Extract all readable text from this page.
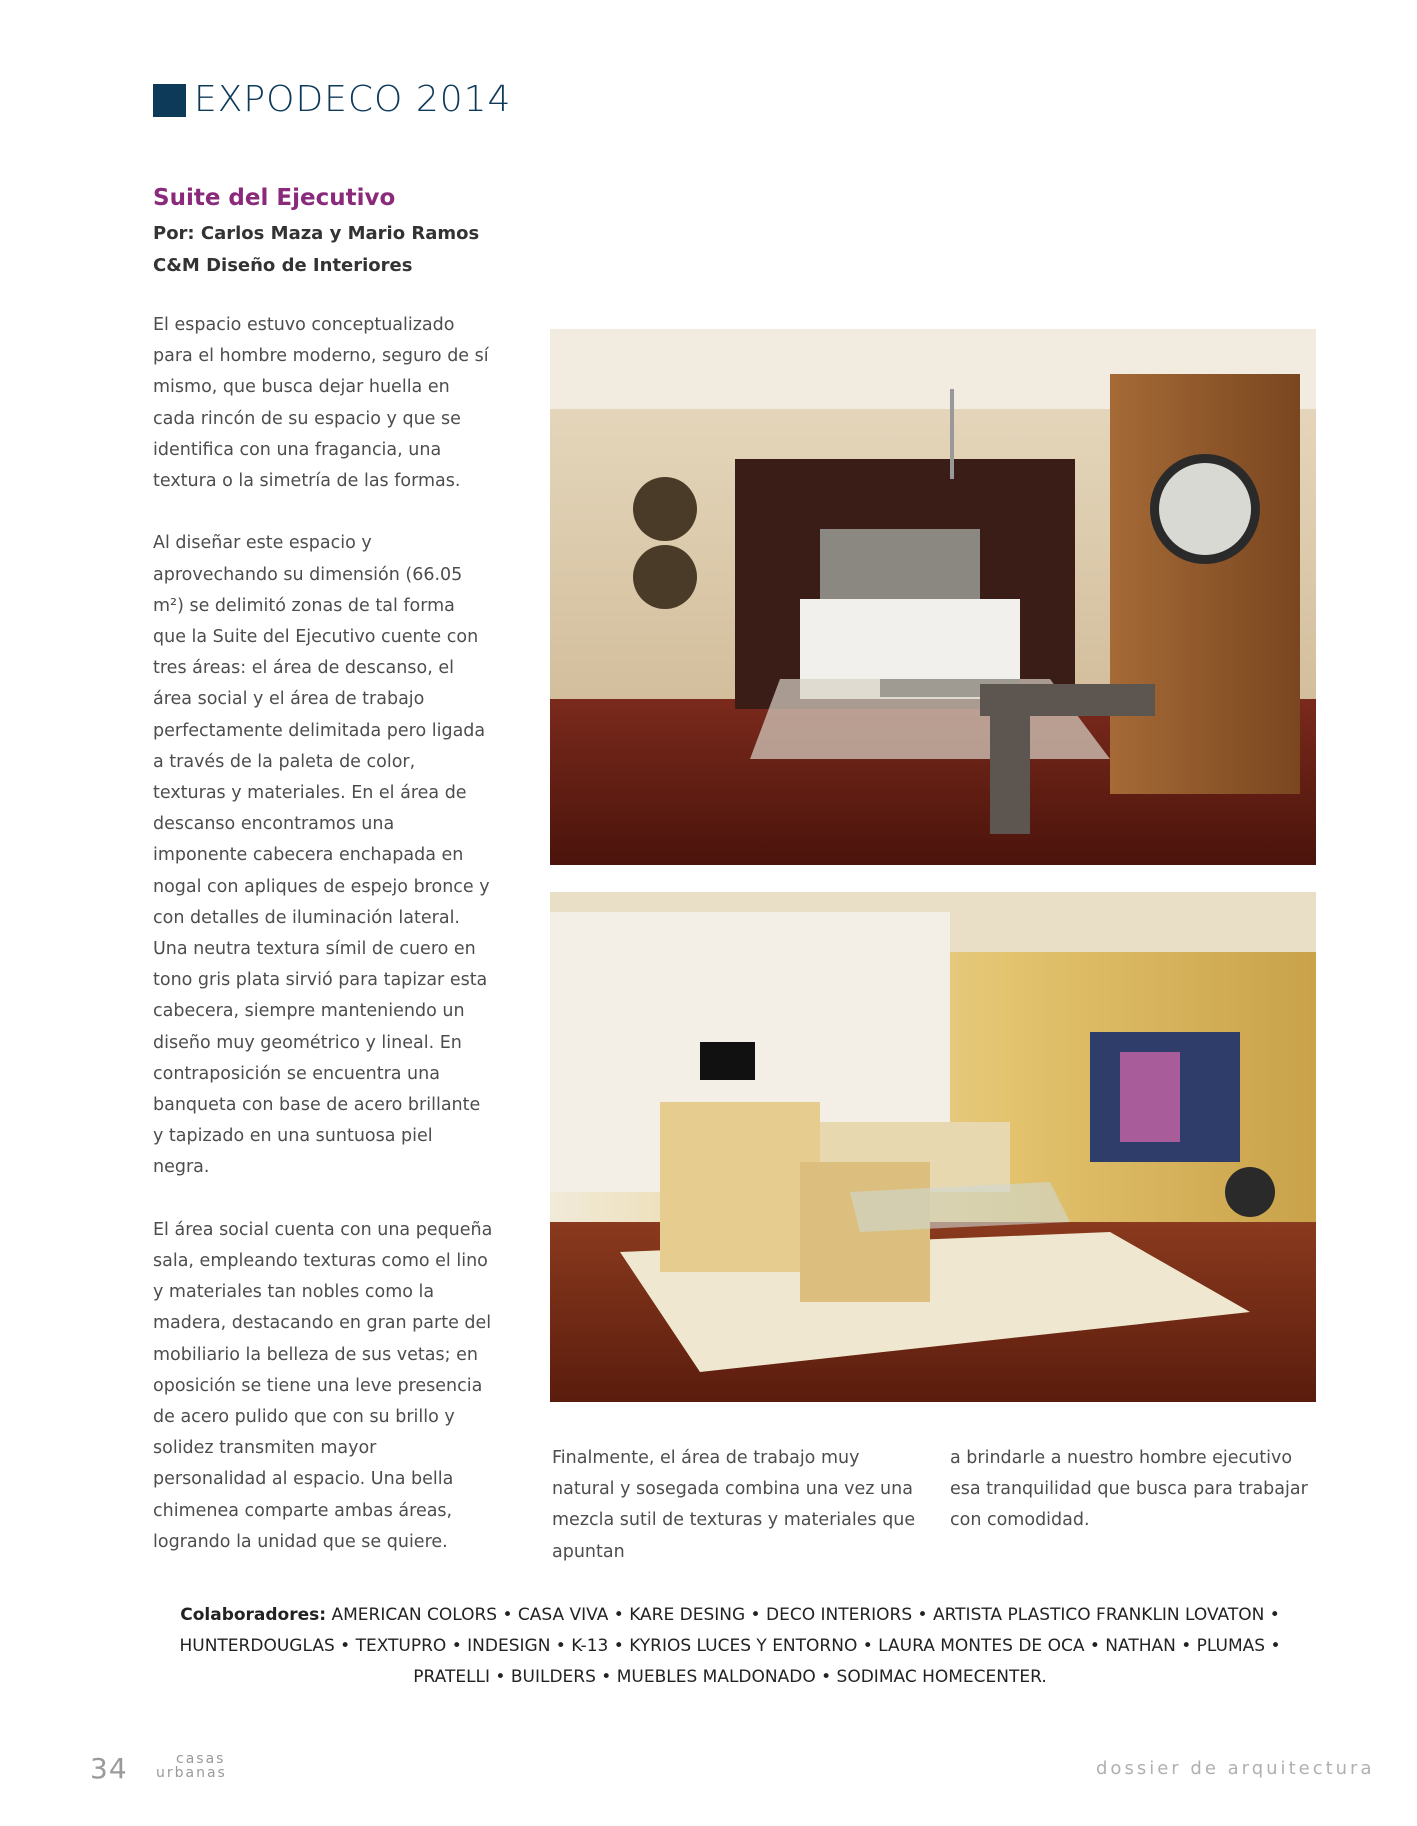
EXPODECO 2014
Suite del Ejecutivo
Por: Carlos Maza y Mario Ramos
C&M Diseño de Interiores

El espacio estuvo conceptualizado para el hombre moderno, seguro de sí mismo, que busca dejar huella en cada rincón de su espacio y que se identifica con una fragancia, una textura o la simetría de las formas.

Al diseñar este espacio y aprovechando su dimensión (66.05 m²) se delimitó zonas de tal forma que la Suite del Ejecutivo cuente con tres áreas: el área de descanso, el área social y el área de trabajo perfectamente delimitada pero ligada a través de la paleta de color, texturas y materiales. En el área de descanso encontramos una imponente cabecera enchapada en nogal con apliques de espejo bronce y con detalles de iluminación lateral. Una neutra textura símil de cuero en tono gris plata sirvió para tapizar esta cabecera, siempre manteniendo un diseño muy geométrico y lineal. En contraposición se encuentra una banqueta con base de acero brillante y tapizado en una suntuosa piel negra.

El área social cuenta con una pequeña sala, empleando texturas como el lino y materiales tan nobles como la madera, destacando en gran parte del mobiliario la belleza de sus vetas; en oposición se tiene una leve presencia de acero pulido que con su brillo y solidez transmiten mayor personalidad al espacio. Una bella chimenea comparte ambas áreas, logrando la unidad que se quiere.

Finalmente, el área de trabajo muy natural y sosegada combina una vez una mezcla sutil de texturas y materiales que apuntan
a brindarle a nuestro hombre ejecutivo esa tranquilidad que busca para trabajar con comodidad.
Colaboradores: AMERICAN COLORS • CASA VIVA • KARE DESING • DECO INTERIORS • ARTISTA PLASTICO FRANKLIN LOVATON • HUNTERDOUGLAS • TEXTUPRO • INDESIGN • K-13 • KYRIOS LUCES Y ENTORNO • LAURA MONTES DE OCA • NATHAN • PLUMAS • PRATELLI • BUILDERS • MUEBLES MALDONADO • SODIMAC HOMECENTER.
34	casas
urbanas	dossier de arquitectura
